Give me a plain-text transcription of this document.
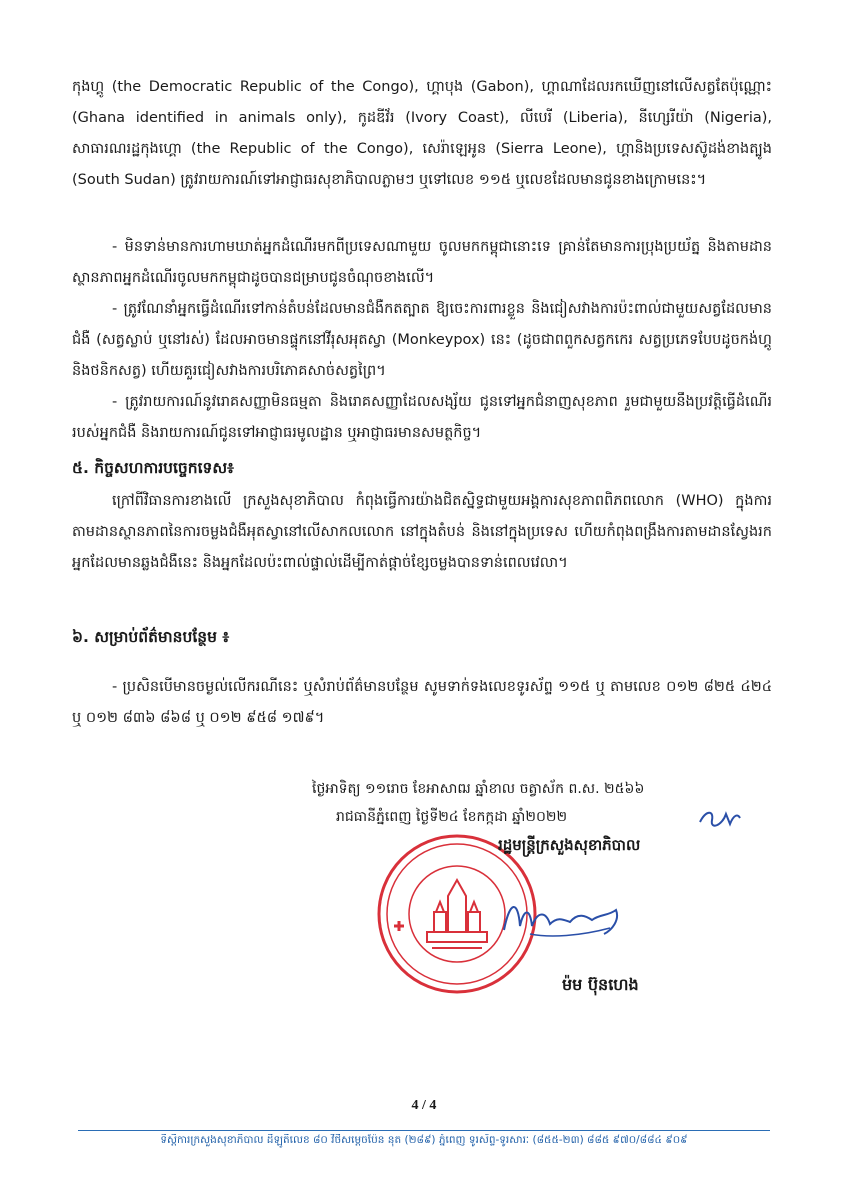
កុងហ្គូ (the Democratic Republic of the Congo), ហ្គាបុង (Gabon), ហ្គាណាដែលរកឃើញនៅលើសត្វតែប៉ុណ្ណោះ (Ghana identified in animals only), កូដឌីវ័រ (Ivory Coast), លីបេរី (Liberia), នីហ្សេរីយ៉ា (Nigeria), សាធារណរដ្ឋកុងហ្គោ (the Republic of the Congo), សេរ៉ាឡេអូន (Sierra Leone), ហ្គានិងប្រទេសស៊ូដង់ខាងត្បូង (South Sudan) ត្រូវរាយការណ៍ទៅអាជ្ញាធរសុខាភិបាលភ្លាមៗ ឬទៅលេខ ១១៥ ឬលេខដែលមានជូនខាងក្រោមនេះ។

- មិនទាន់មានការហាមឃាត់អ្នកដំណើរមកពីប្រទេសណាមួយ ចូលមកកម្ពុជានោះទេ គ្រាន់តែមានការប្រុងប្រយ័ត្ន និងតាមដានស្ថានភាពអ្នកដំណើរចូលមកកម្ពុជាដូចបានជម្រាបជូនចំណុចខាងលើ។

- ត្រូវណែនាំអ្នកធ្វើដំណើរទៅកាន់តំបន់ដែលមានជំងឺកតត្បាត ឱ្យចេះការពារខ្លួន និងជៀសវាងការប៉ះពាល់ជាមួយសត្វដែលមានជំងឺ (សត្វស្លាប់ ឬនៅរស់) ដែលអាចមានផ្ទុកនៅវីរុសអុតស្វា (Monkeypox) នេះ (ដូចជាពពួកសត្វកកេរ សត្វប្រភេទបែបដូចកង់ហ្គូ និងថនិកសត្វ) ហើយគួរជៀសវាងការបរិភោគសាច់សត្វព្រៃ។

- ត្រូវរាយការណ៍នូវរោគសញ្ញាមិនធម្មតា និងរោគសញ្ញាដែលសង្ស័យ ជូនទៅអ្នកជំនាញសុខភាព រួមជាមួយនឹងប្រវត្តិធ្វើដំណើររបស់អ្នកជំងឺ និងរាយការណ៍ជូនទៅអាជ្ញាធរមូលដ្ឋាន ឬអាជ្ញាធរមានសមត្ថកិច្ច។

៥. កិច្ចសហការបច្ចេកទេស៖

ក្រៅពីវិធានការខាងលើ ក្រសួងសុខាភិបាល កំពុងធ្វើការយ៉ាងជិតស្និទ្ធជាមួយអង្គការសុខភាពពិភពលោក (WHO) ក្នុងការតាមដានស្ថានភាពនៃការចម្លងជំងឺអុតស្វានៅលើសាកលលោក នៅក្នុងតំបន់ និងនៅក្នុងប្រទេស ហើយកំពុងពង្រឹងការតាមដានស្វែងរកអ្នកដែលមានឆ្លងជំងឺនេះ និងអ្នកដែលប៉ះពាល់ផ្ទាល់ដើម្បីកាត់ផ្តាច់ខ្សែចម្លងបានទាន់ពេលវេលា។

៦. សម្រាប់ព័ត៌មានបន្ថែម ៖

- ប្រសិនបើមានចម្ងល់លើករណីនេះ ឬសំរាប់ព័ត៌មានបន្ថែម សូមទាក់ទងលេខទូរស័ព្ទ ១១៥ ឬ តាមលេខ ០១២ ៨២៥ ៤២៤ ឬ ០១២ ៨៣៦ ៨៦៨ ឬ ០១២ ៩៥៨ ១៧៩។

ថ្ងៃអាទិត្យ ១១រោច ខែអាសាឍ ឆ្នាំខាល ចត្វាស័ក ព.ស. ២៥៦៦
រាជធានីភ្នំពេញ ថ្ងៃទី២៤ ខែកក្កដា ឆ្នាំ២០២២
រដ្ឋមន្ត្រីក្រសួងសុខាភិបាល
ម៉ម ប៊ុនហេង
4 / 4
ទីស្តីការក្រសួងសុខាភិបាល ដីឡូតិ៍លេខ ៨០ វិថីសម្តេចប៉ែន នុត (២៨៩) ភ្នំពេញ ទូរស័ព្ទ-ទូរសារៈ (៨៥៥-២៣) ៨៨៥ ៩៧០/៨៨៤ ៩០៩
